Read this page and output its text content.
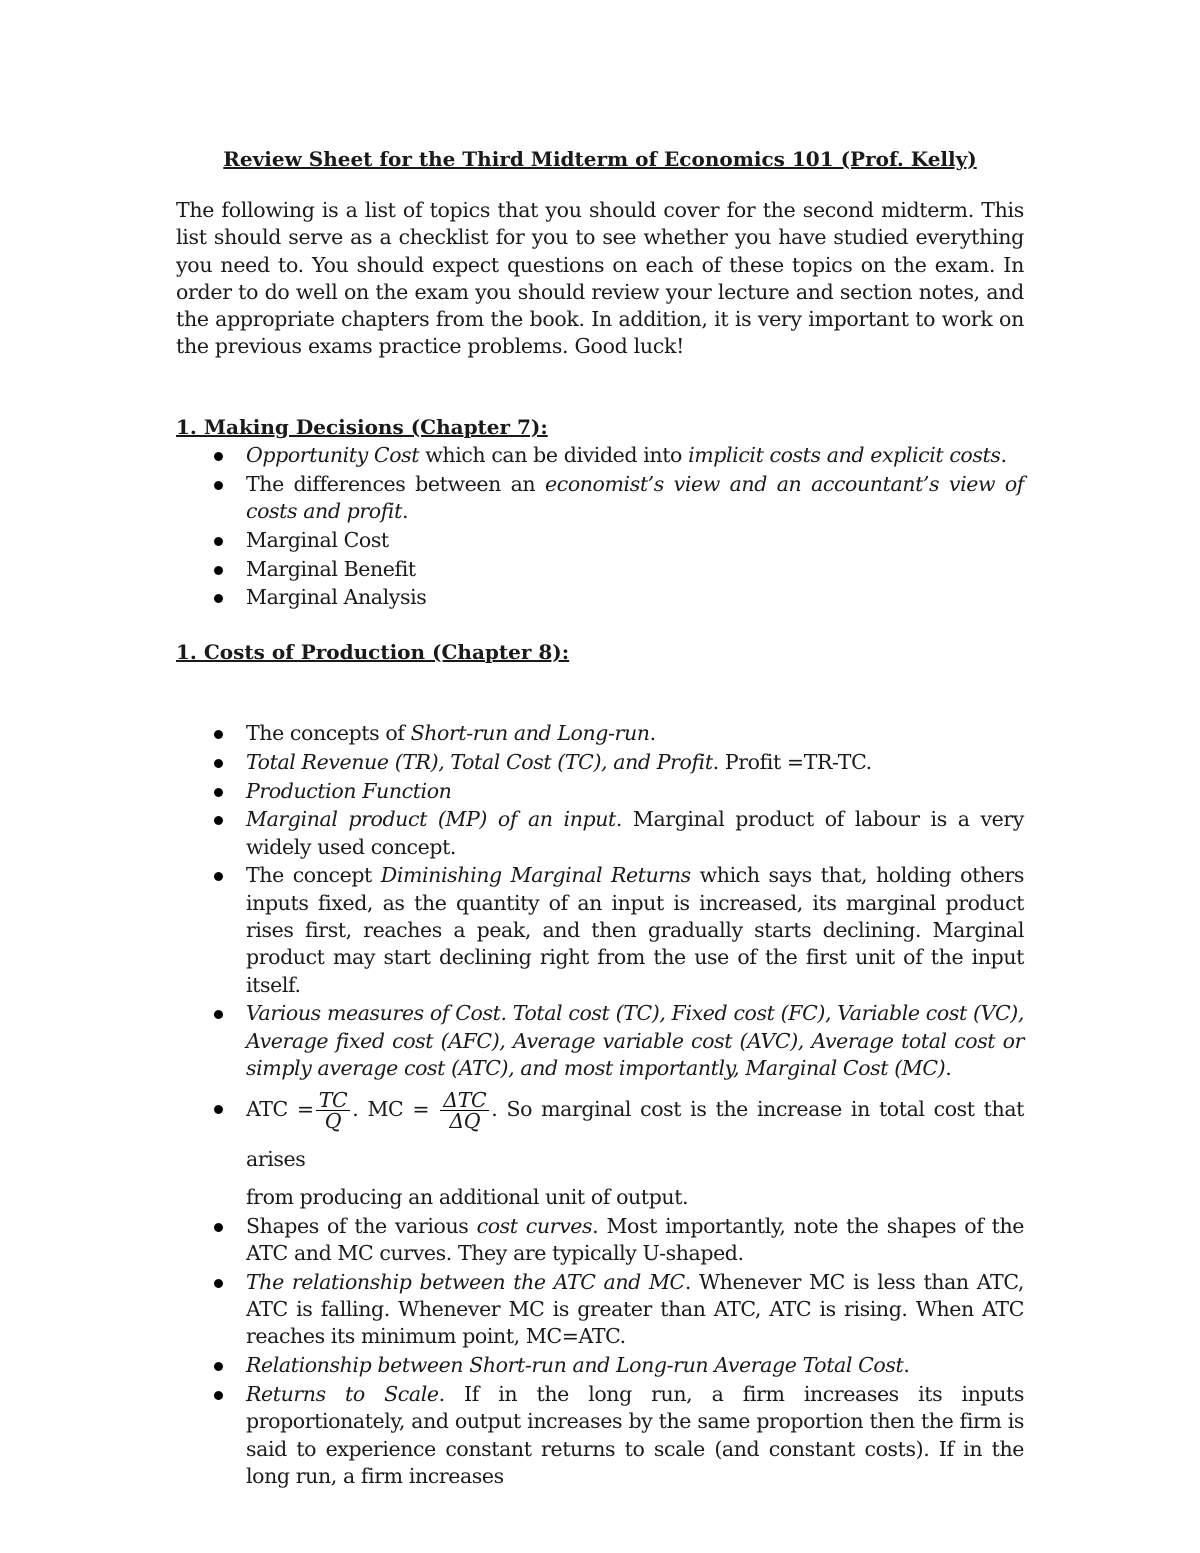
Review Sheet for the Third Midterm of Economics 101 (Prof. Kelly)

The following is a list of topics that you should cover for the second midterm. This list should serve as a checklist for you to see whether you have studied everything you need to. You should expect questions on each of these topics on the exam. In order to do well on the exam you should review your lecture and section notes, and the appropriate chapters from the book. In addition, it is very important to work on the previous exams practice problems. Good luck!

1. Making Decisions (Chapter 7):
Opportunity Cost which can be divided into implicit costs and explicit costs.
The differences between an economist’s view and an accountant’s view of costs and profit.
Marginal Cost
Marginal Benefit
Marginal Analysis
1. Costs of Production (Chapter 8):
The concepts of Short-run and Long-run.
Total Revenue (TR), Total Cost (TC), and Profit. Profit =TR-TC.
Production Function
Marginal product (MP) of an input. Marginal product of labour is a very widely used concept.
The concept Diminishing Marginal Returns which says that, holding others inputs fixed, as the quantity of an input is increased, its marginal product rises first, reaches a peak, and then gradually starts declining. Marginal product may start declining right from the use of the first unit of the input itself.
Various measures of Cost. Total cost (TC), Fixed cost (FC), Variable cost (VC), Average fixed cost (AFC), Average variable cost (AVC), Average total cost or simply average cost (ATC), and most importantly, Marginal Cost (MC).
ATC = $\frac{TC}{Q}$ . MC = $\frac{\text{ΔTC}}{\Delta Q}$ . So marginal cost is the increase in total cost that arises
from producing an additional unit of output.
Shapes of the various cost curves. Most importantly, note the shapes of the ATC and MC curves. They are typically U-shaped.
The relationship between the ATC and MC. Whenever MC is less than ATC, ATC is falling. Whenever MC is greater than ATC, ATC is rising. When ATC reaches its minimum point, MC=ATC.
Relationship between Short-run and Long-run Average Total Cost.
Returns to Scale. If in the long run, a firm increases its inputs proportionately, and output increases by the same proportion then the firm is said to experience constant returns to scale (and constant costs). If in the long run, a firm increases
